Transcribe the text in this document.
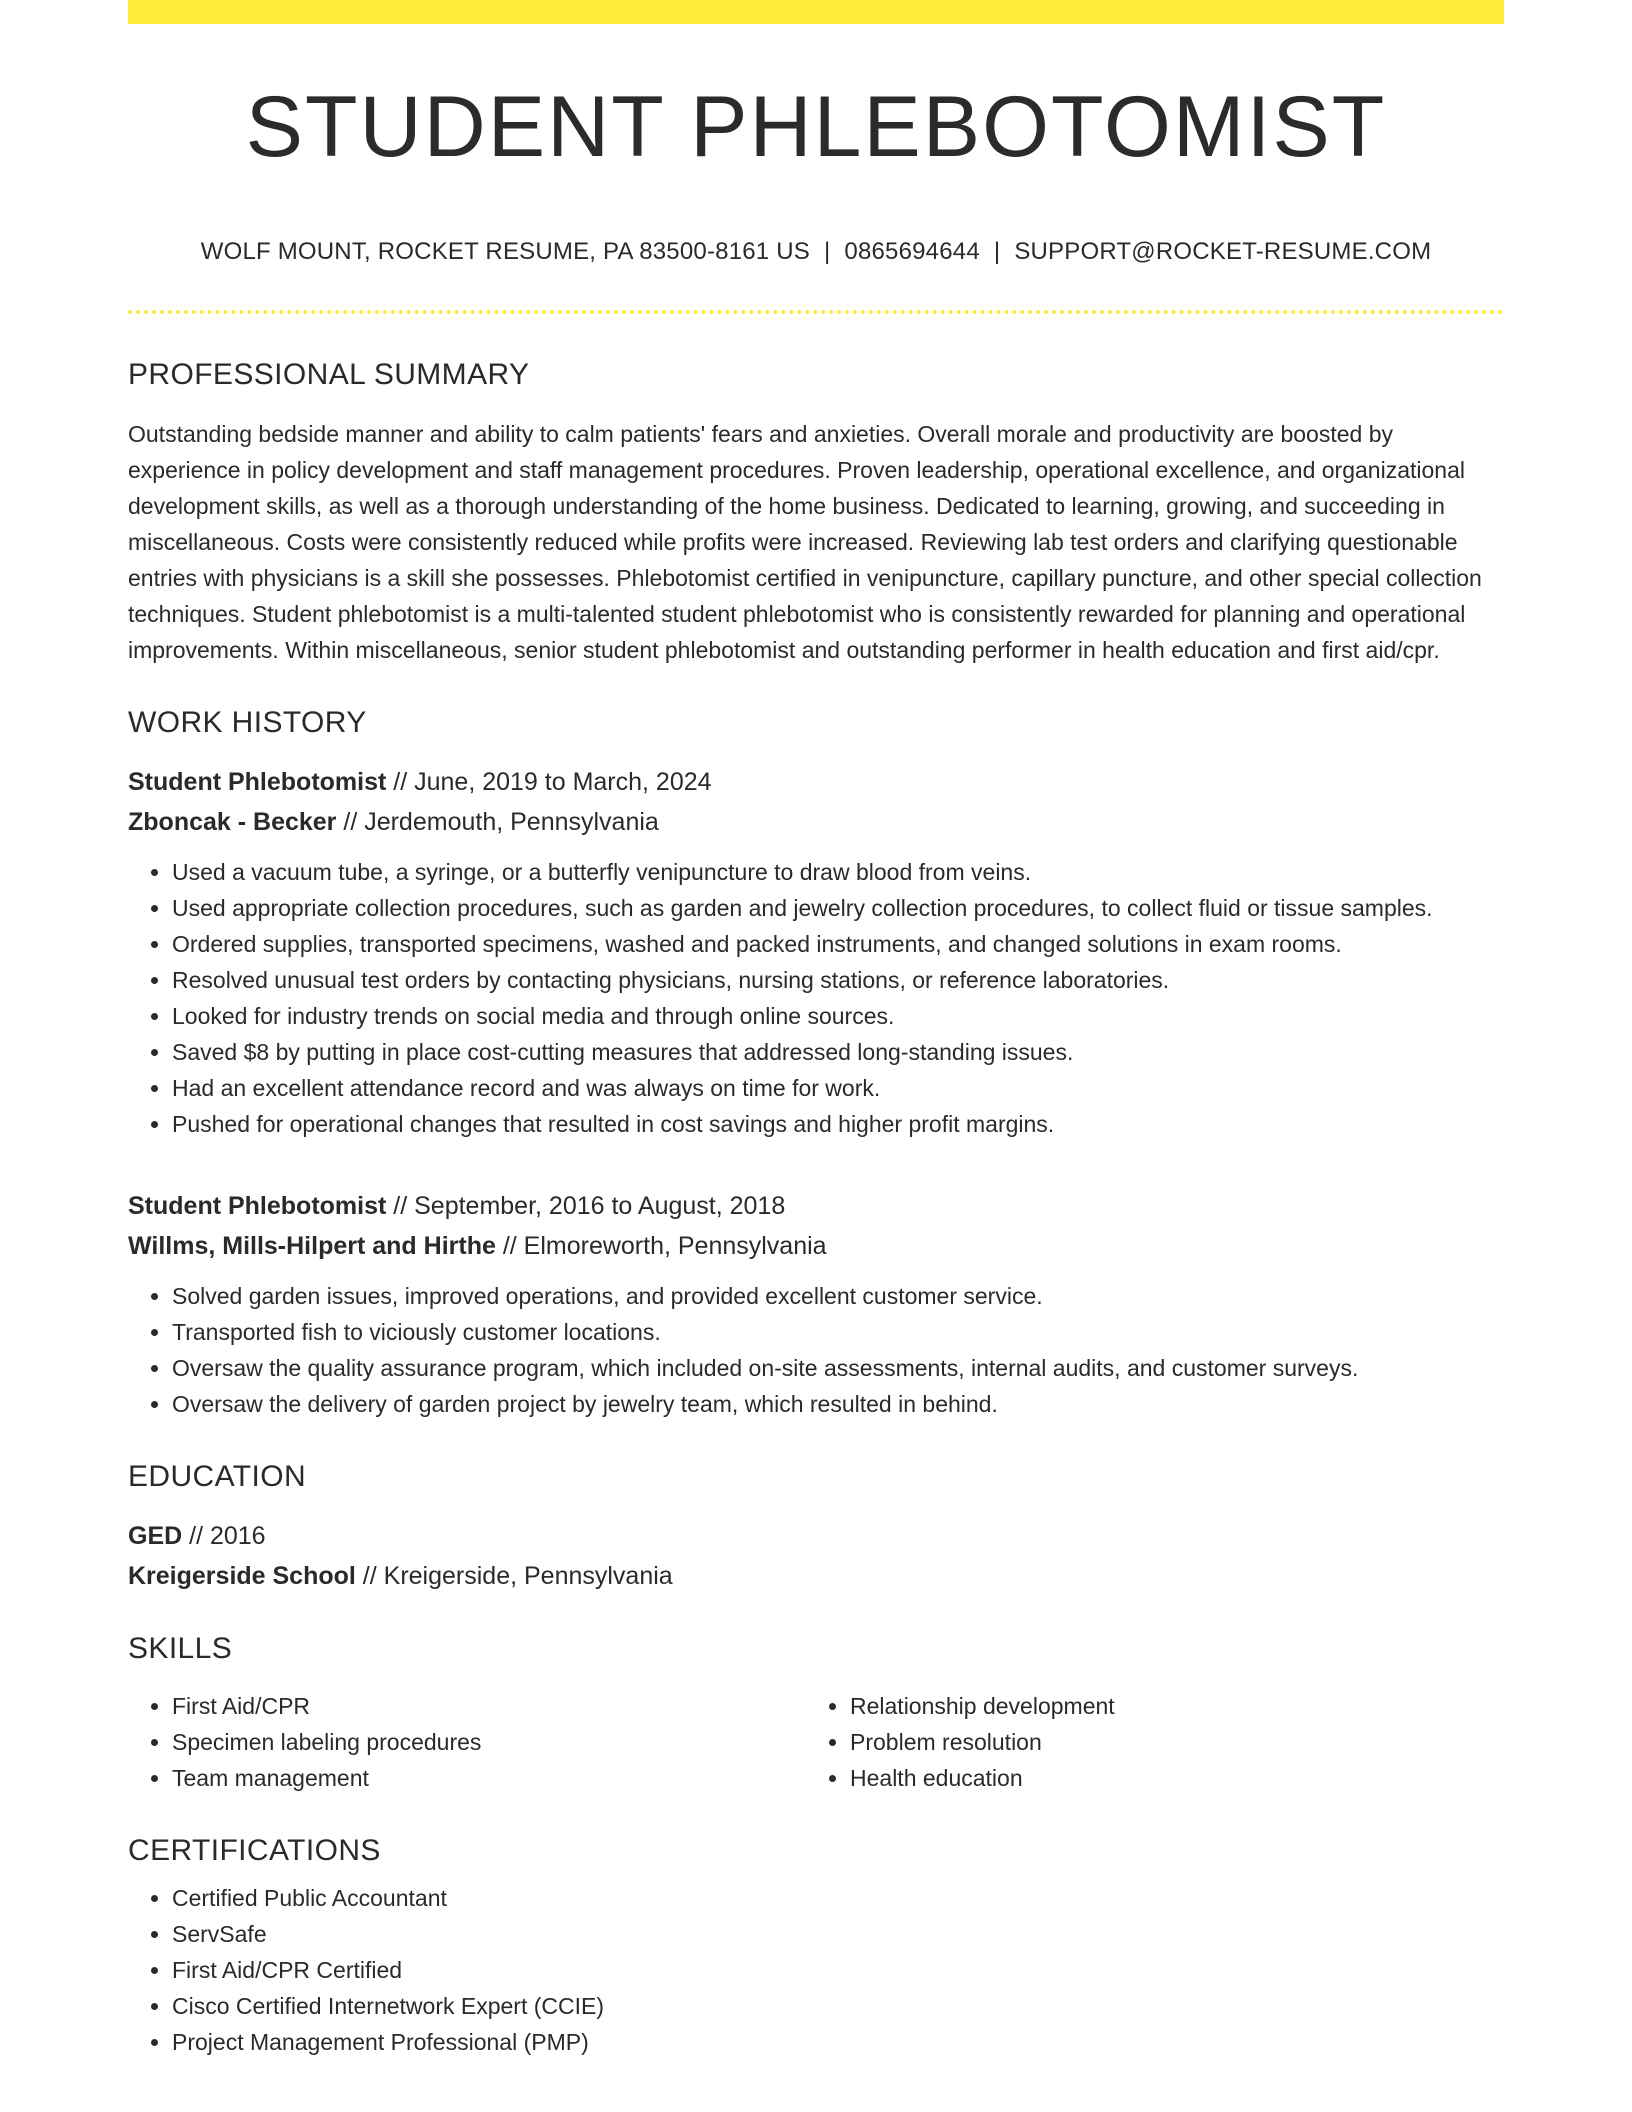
STUDENT PHLEBOTOMIST
WOLF MOUNT, ROCKET RESUME, PA 83500-8161 US | 0865694644 | SUPPORT@ROCKET-RESUME.COM
PROFESSIONAL SUMMARY
Outstanding bedside manner and ability to calm patients' fears and anxieties. Overall morale and productivity are boosted by experience in policy development and staff management procedures. Proven leadership, operational excellence, and organizational development skills, as well as a thorough understanding of the home business. Dedicated to learning, growing, and succeeding in miscellaneous. Costs were consistently reduced while profits were increased. Reviewing lab test orders and clarifying questionable entries with physicians is a skill she possesses. Phlebotomist certified in venipuncture, capillary puncture, and other special collection techniques. Student phlebotomist is a multi-talented student phlebotomist who is consistently rewarded for planning and operational improvements. Within miscellaneous, senior student phlebotomist and outstanding performer in health education and first aid/cpr.
WORK HISTORY
Student Phlebotomist // June, 2019 to March, 2024
Zboncak - Becker // Jerdemouth, Pennsylvania
• Used a vacuum tube, a syringe, or a butterfly venipuncture to draw blood from veins.
• Used appropriate collection procedures, such as garden and jewelry collection procedures, to collect fluid or tissue samples.
• Ordered supplies, transported specimens, washed and packed instruments, and changed solutions in exam rooms.
• Resolved unusual test orders by contacting physicians, nursing stations, or reference laboratories.
• Looked for industry trends on social media and through online sources.
• Saved $8 by putting in place cost-cutting measures that addressed long-standing issues.
• Had an excellent attendance record and was always on time for work.
• Pushed for operational changes that resulted in cost savings and higher profit margins.
Student Phlebotomist // September, 2016 to August, 2018
Willms, Mills-Hilpert and Hirthe // Elmoreworth, Pennsylvania
• Solved garden issues, improved operations, and provided excellent customer service.
• Transported fish to viciously customer locations.
• Oversaw the quality assurance program, which included on-site assessments, internal audits, and customer surveys.
• Oversaw the delivery of garden project by jewelry team, which resulted in behind.
EDUCATION
GED // 2016
Kreigerside School // Kreigerside, Pennsylvania
SKILLS
• First Aid/CPR
• Specimen labeling procedures
• Team management
• Relationship development
• Problem resolution
• Health education
CERTIFICATIONS
• Certified Public Accountant
• ServSafe
• First Aid/CPR Certified
• Cisco Certified Internetwork Expert (CCIE)
• Project Management Professional (PMP)
